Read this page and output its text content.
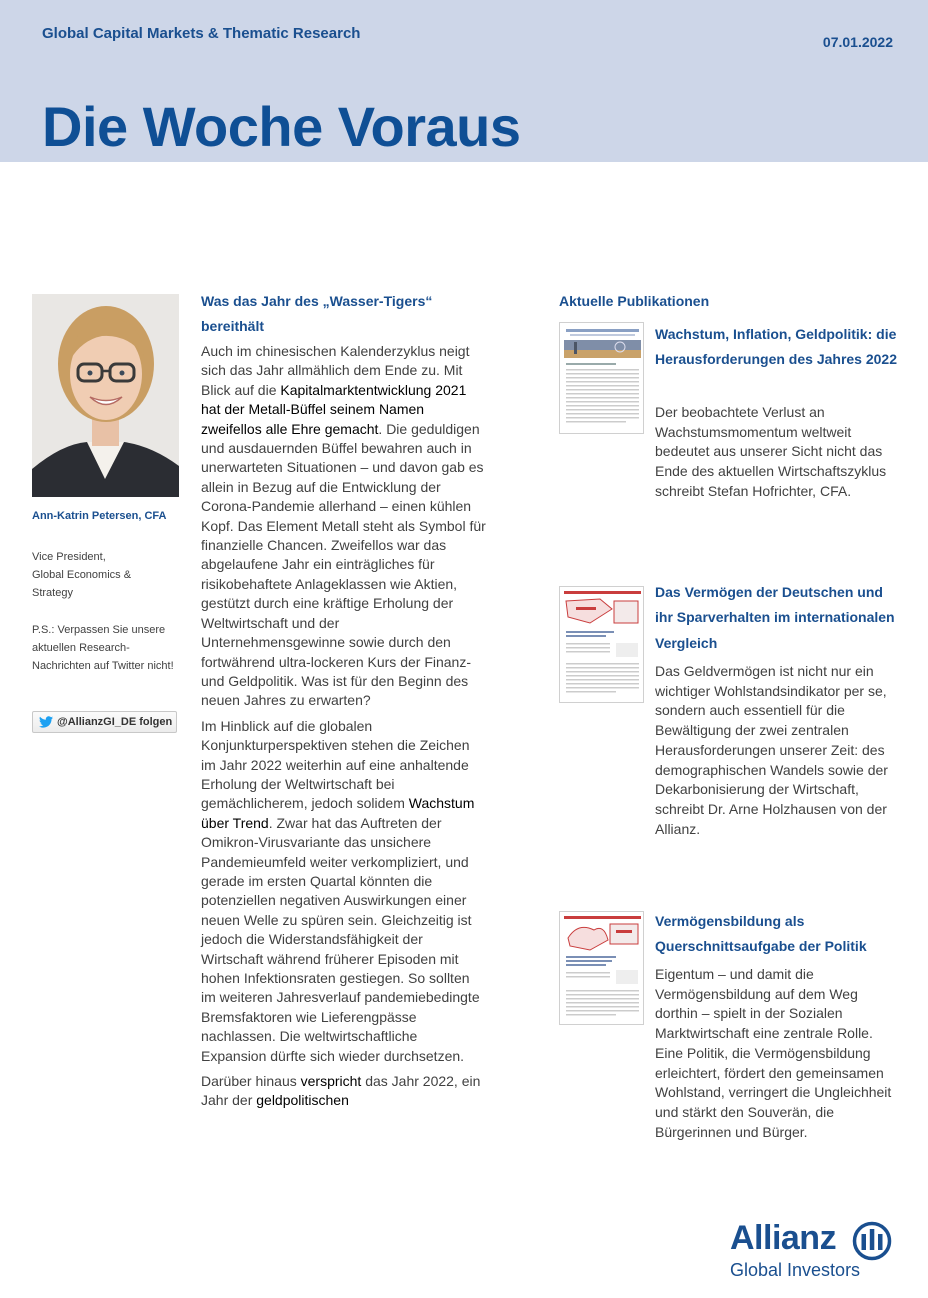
Global Capital Markets & Thematic Research	07.01.2022
Die Woche Voraus
Ann-Katrin Petersen, CFA
Vice President,
Global Economics &
Strategy
P.S.: Verpassen Sie unsere aktuellen Research-Nachrichten auf Twitter nicht!
@AllianzGI_DE folgen
Was das Jahr des „Wasser-Tigers“ bereithält

Auch im chinesischen Kalenderzyklus neigt sich das Jahr allmählich dem Ende zu. Mit Blick auf die Kapitalmarktentwicklung 2021 hat der Metall-Büffel seinem Namen zweifellos alle Ehre gemacht. Die geduldigen und ausdauernden Büffel bewahren auch in unerwarteten Situationen – und davon gab es allein in Bezug auf die Entwicklung der Corona-Pandemie allerhand – einen kühlen Kopf. Das Element Metall steht als Symbol für finanzielle Chancen. Zweifellos war das abgelaufene Jahr ein einträgliches für risikobehaftete Anlageklassen wie Aktien, gestützt durch eine kräftige Erholung der Weltwirtschaft und der Unternehmensgewinne sowie durch den fortwährend ultra-lockeren Kurs der Finanz- und Geldpolitik. Was ist für den Beginn des neuen Jahres zu erwarten?

Im Hinblick auf die globalen Konjunkturperspektiven stehen die Zeichen im Jahr 2022 weiterhin auf eine anhaltende Erholung der Weltwirtschaft bei gemächlicherem, jedoch solidem Wachstum über Trend. Zwar hat das Auftreten der Omikron-Virusvariante das unsichere Pandemieumfeld weiter verkompliziert, und gerade im ersten Quartal könnten die potenziellen negativen Auswirkungen einer neuen Welle zu spüren sein. Gleichzeitig ist jedoch die Widerstandsfähigkeit der Wirtschaft während früherer Episoden mit hohen Infektionsraten gestiegen. So sollten im weiteren Jahresverlauf pandemiebedingte Bremsfaktoren wie Lieferengpässe nachlassen. Die weltwirtschaftliche Expansion dürfte sich wieder durchsetzen.

Darüber hinaus verspricht das Jahr 2022, ein Jahr der geldpolitischen

Aktuelle Publikationen
Wachstum, Inflation, Geldpolitik: die Herausforderungen des Jahres 2022
Der beobachtete Verlust an Wachstumsmomentum weltweit bedeutet aus unserer Sicht nicht das Ende des aktuellen Wirtschaftszyklus schreibt Stefan Hofrichter, CFA.
Das Vermögen der Deutschen und ihr Sparverhalten im internationalen Vergleich
Das Geldvermögen ist nicht nur ein wichtiger Wohlstandsindikator per se, sondern auch essentiell für die Bewältigung der zwei zentralen Herausforderungen unserer Zeit: des demographischen Wandels sowie der Dekarbonisierung der Wirtschaft, schreibt Dr. Arne Holzhausen von der Allianz.
Vermögensbildung als Querschnittsaufgabe der Politik
Eigentum – und damit die Vermögensbildung auf dem Weg dorthin – spielt in der Sozialen Marktwirtschaft eine zentrale Rolle. Eine Politik, die Vermögensbildung erleichtert, fördert den gemeinsamen Wohlstand, verringert die Ungleichheit und stärkt den Souverän, die Bürgerinnen und Bürger.
Allianz
Global Investors
